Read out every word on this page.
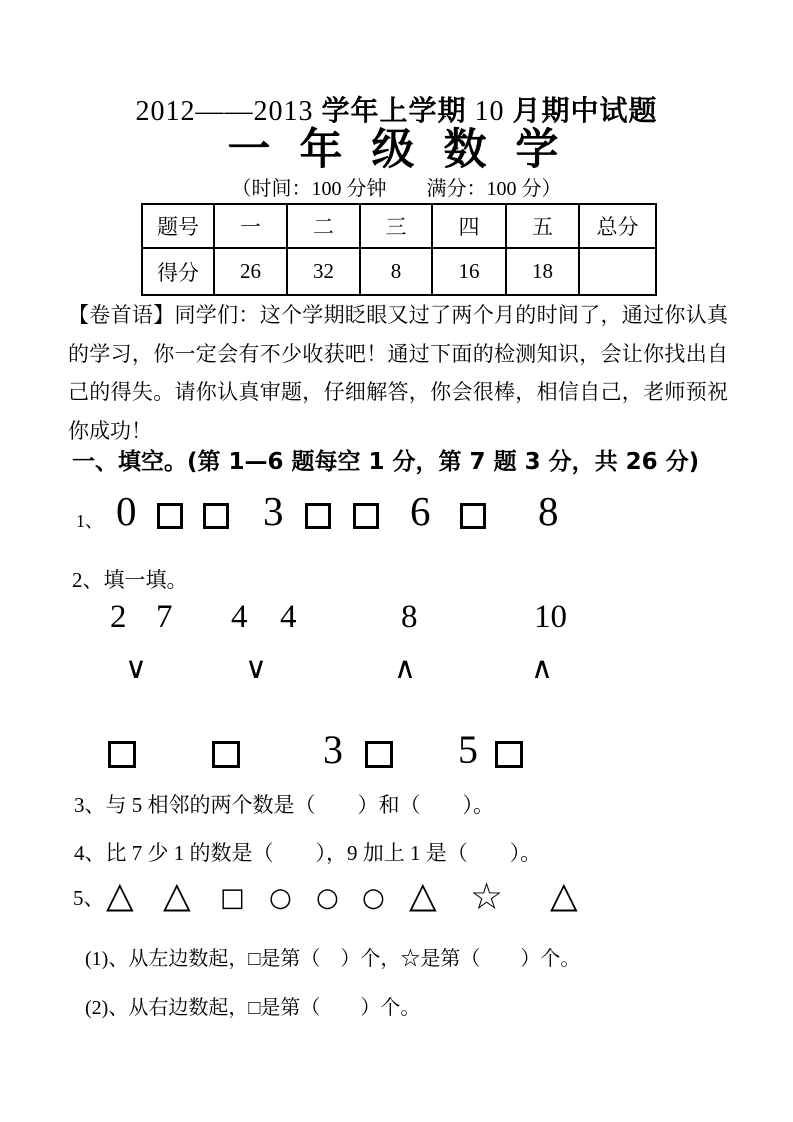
2012——2013 学年上学期 10 月期中试题
一 年 级 数 学
（时间：100 分钟　　满分：100 分）
题号	一	二	三	四	五	总分
得分	26	32	8	16	18	
【卷首语】同学们：这个学期眨眼又过了两个月的时间了，通过你认真的学习，你一定会有不少收获吧！通过下面的检测知识，会让你找出自己的得失。请你认真审题，仔细解答，你会很棒，相信自己，老师预祝你成功！
一、填空。(第 1—6 题每空 1 分，第 7 题 3 分，共 26 分)
1、 0	3	6	8
2、填一填。
2 7 4 4	8	10
∨	∨	∧	∧
3	5
3、与 5 相邻的两个数是（　　）和（　　）。
4、比 7 少 1 的数是（　　），9 加上 1 是（　　）。
5、 △ △ □ ○ ○ ○ △ ☆ △
(1)、从左边数起，□是第（　）个，☆是第（　　）个。
(2)、从右边数起，□是第（　　）个。
